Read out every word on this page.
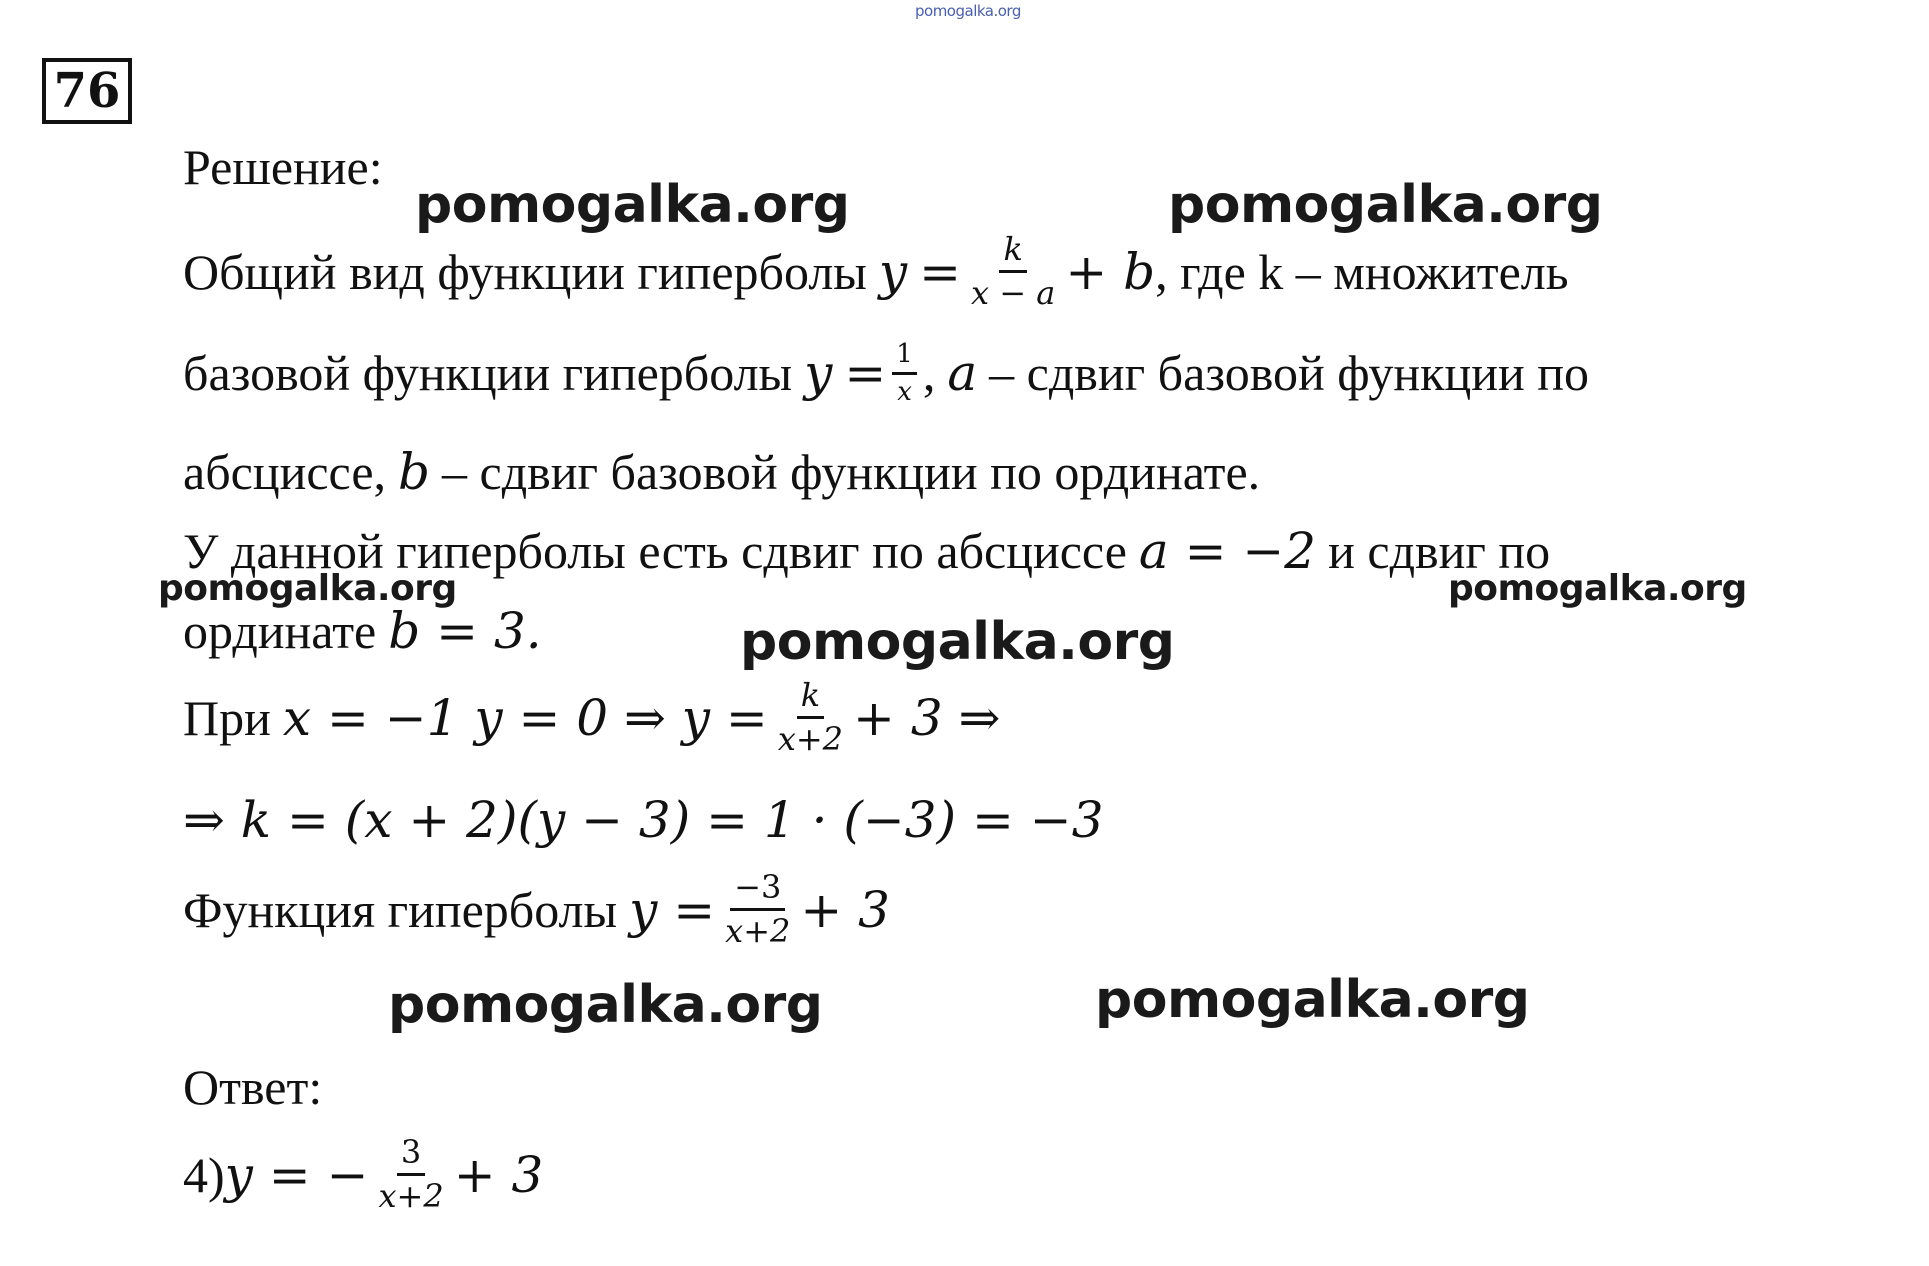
pomogalka.org
76
Решение:
Общий вид функции гиперболы $y = \frac{k}{x - a} + b$ , где k – множитель
базовой функции гиперболы $y = \frac{1}{x}$ , a – сдвиг базовой функции по
абсциссе, b – сдвиг базовой функции по ординате.
У данной гиперболы есть сдвиг по абсциссе a = −2 и сдвиг по
ординате b = 3.
При x = −1 y = 0 ⇒ $y = \frac{k}{x+2} + 3$ ⇒
⇒ k = (x + 2)(y − 3) = 1 · (−3) = −3
Функция гиперболы $y = \frac{-3}{x+2} + 3$
Ответ:
4) y = − $\frac{3}{x+2} + 3$
pomogalka.org	pomogalka.org
pomogalka.org	pomogalka.org
pomogalka.org
pomogalka.org	pomogalka.org
